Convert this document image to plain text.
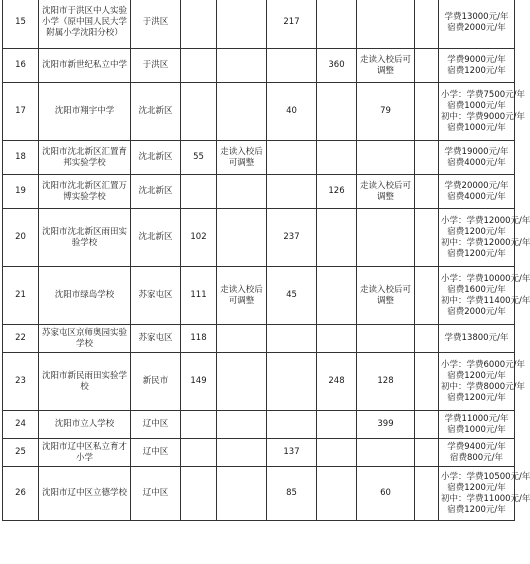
15	沈阳市于洪区中人实验小学（原中国人民大学附属小学沈阳分校）	于洪区			217				学费13000元/年
宿费2000元/年

16	沈阳市新世纪私立中学	于洪区				360	走读入校后可调整		学费9000元/年
宿费1200元/年

17	沈阳市翔宇中学	沈北新区			40		79		小学：学费7500元/年
宿费1000元/年
初中：学费9000元/年
宿费1000元/年

18	沈阳市沈北新区汇置育邦实验学校	沈北新区	55	走读入校后可调整					学费19000元/年
宿费4000元/年

19	沈阳市沈北新区汇置万博实验学校	沈北新区				126	走读入校后可调整		学费20000元/年
宿费4000元/年

20	沈阳市沈北新区雨田实验学校	沈北新区	102		237				小学：学费12000元/年
宿费1200元/年
初中：学费12000元/年
宿费1200元/年

21	沈阳市绿岛学校	苏家屯区	111	走读入校后可调整	45		走读入校后可调整		小学：学费10000元/年
宿费1600元/年
初中：学费11400元/年
宿费2000元/年

22	苏家屯区京师奥园实验学校	苏家屯区	118						学费13800元/年

23	沈阳市新民雨田实验学校	新民市	149			248	128		小学：学费6000元/年
宿费1200元/年
初中：学费8000元/年
宿费1200元/年

24	沈阳市立人学校	辽中区					399		学费11000元/年
宿费1000元/年

25	沈阳市辽中区私立育才小学	辽中区			137				学费9400元/年
宿费800元/年

26	沈阳市辽中区立德学校	辽中区			85		60		小学：学费10500元/年
宿费1200元/年
初中：学费11000元/年
宿费1200元/年
